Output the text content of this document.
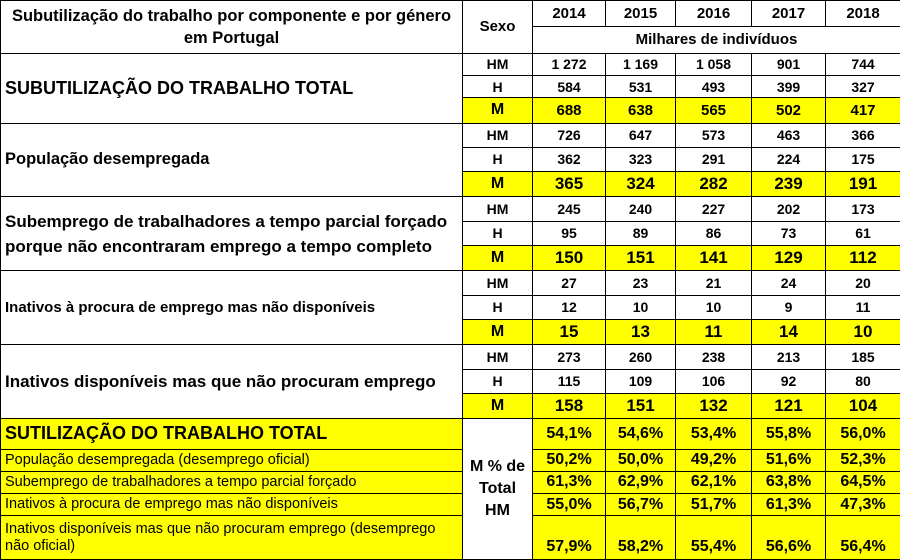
Subutilização do trabalho por componente e por género em Portugal	Sexo	2014	2015	2016	2017	2018
		Milhares de indivíduos				
SUBUTILIZAÇÃO DO TRABALHO TOTAL	HM	1 272	1 169	1 058	901	744
	H	584	531	493	399	327
	M	688	638	565	502	417
População desempregada	HM	726	647	573	463	366
	H	362	323	291	224	175
	M	365	324	282	239	191
Subemprego de trabalhadores a tempo parcial forçado porque não encontraram emprego a tempo completo	HM	245	240	227	202	173
	H	95	89	86	73	61
	M	150	151	141	129	112
Inativos à procura de emprego mas não disponíveis	HM	27	23	21	24	20
	H	12	10	10	9	11
	M	15	13	11	14	10
Inativos disponíveis mas que não procuram emprego	HM	273	260	238	213	185
	H	115	109	106	92	80
	M	158	151	132	121	104
SUTILIZAÇÃO DO TRABALHO TOTAL	M % de Total HM	54,1%	54,6%	53,4%	55,8%	56,0%
População desempregada (desemprego oficial)		50,2%	50,0%	49,2%	51,6%	52,3%
Subemprego de trabalhadores a tempo parcial forçado		61,3%	62,9%	62,1%	63,8%	64,5%
Inativos à procura de emprego mas não disponíveis		55,0%	56,7%	51,7%	61,3%	47,3%
Inativos disponíveis mas que não procuram emprego (desemprego não oficial)		57,9%	58,2%	55,4%	56,6%	56,4%
